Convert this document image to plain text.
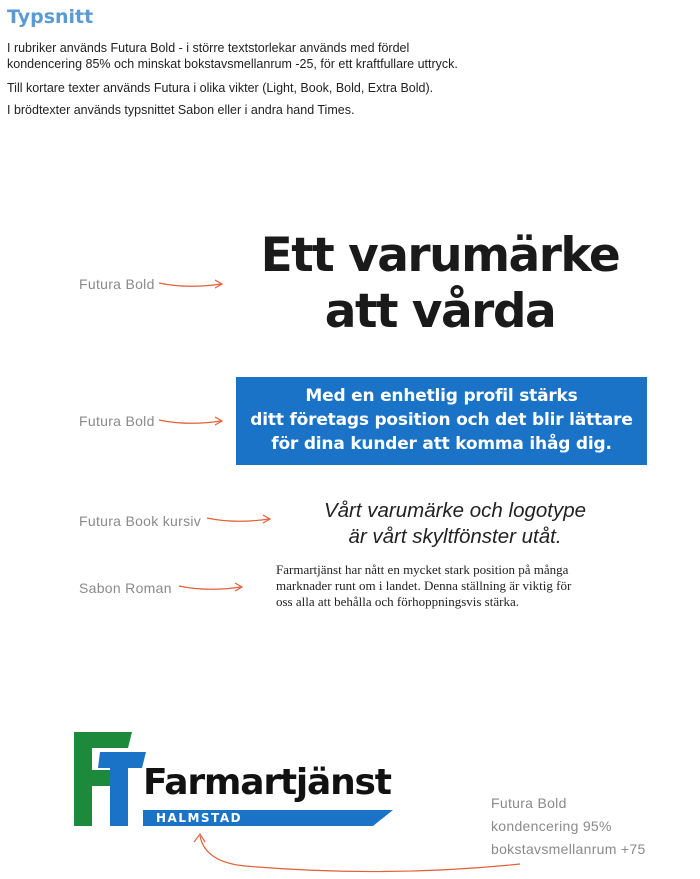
Typsnitt
I rubriker används Futura Bold - i större textstorlekar används med fördel
kondencering 85% och minskat bokstavsmellanrum -25, för ett kraftfullare uttryck.
Till kortare texter används Futura i olika vikter (Light, Book, Bold, Extra Bold).
I brödtexter används typsnittet Sabon eller i andra hand Times.
Futura Bold
Ett varumärke
att vårda
Futura Bold
Med en enhetlig profil stärks
ditt företags position och det blir lättare
för dina kunder att komma ihåg dig.
Futura Book kursiv	Vårt varumärke och logotype
är vårt skyltfönster utåt.
Sabon Roman
Farmartjänst har nått en mycket stark position på många
marknader runt om i landet. Denna ställning är viktig för
oss alla att behålla och förhoppningsvis stärka.
Farmartjänst
HALMSTAD
Futura Bold
kondencering 95%
bokstavsmellanrum +75
